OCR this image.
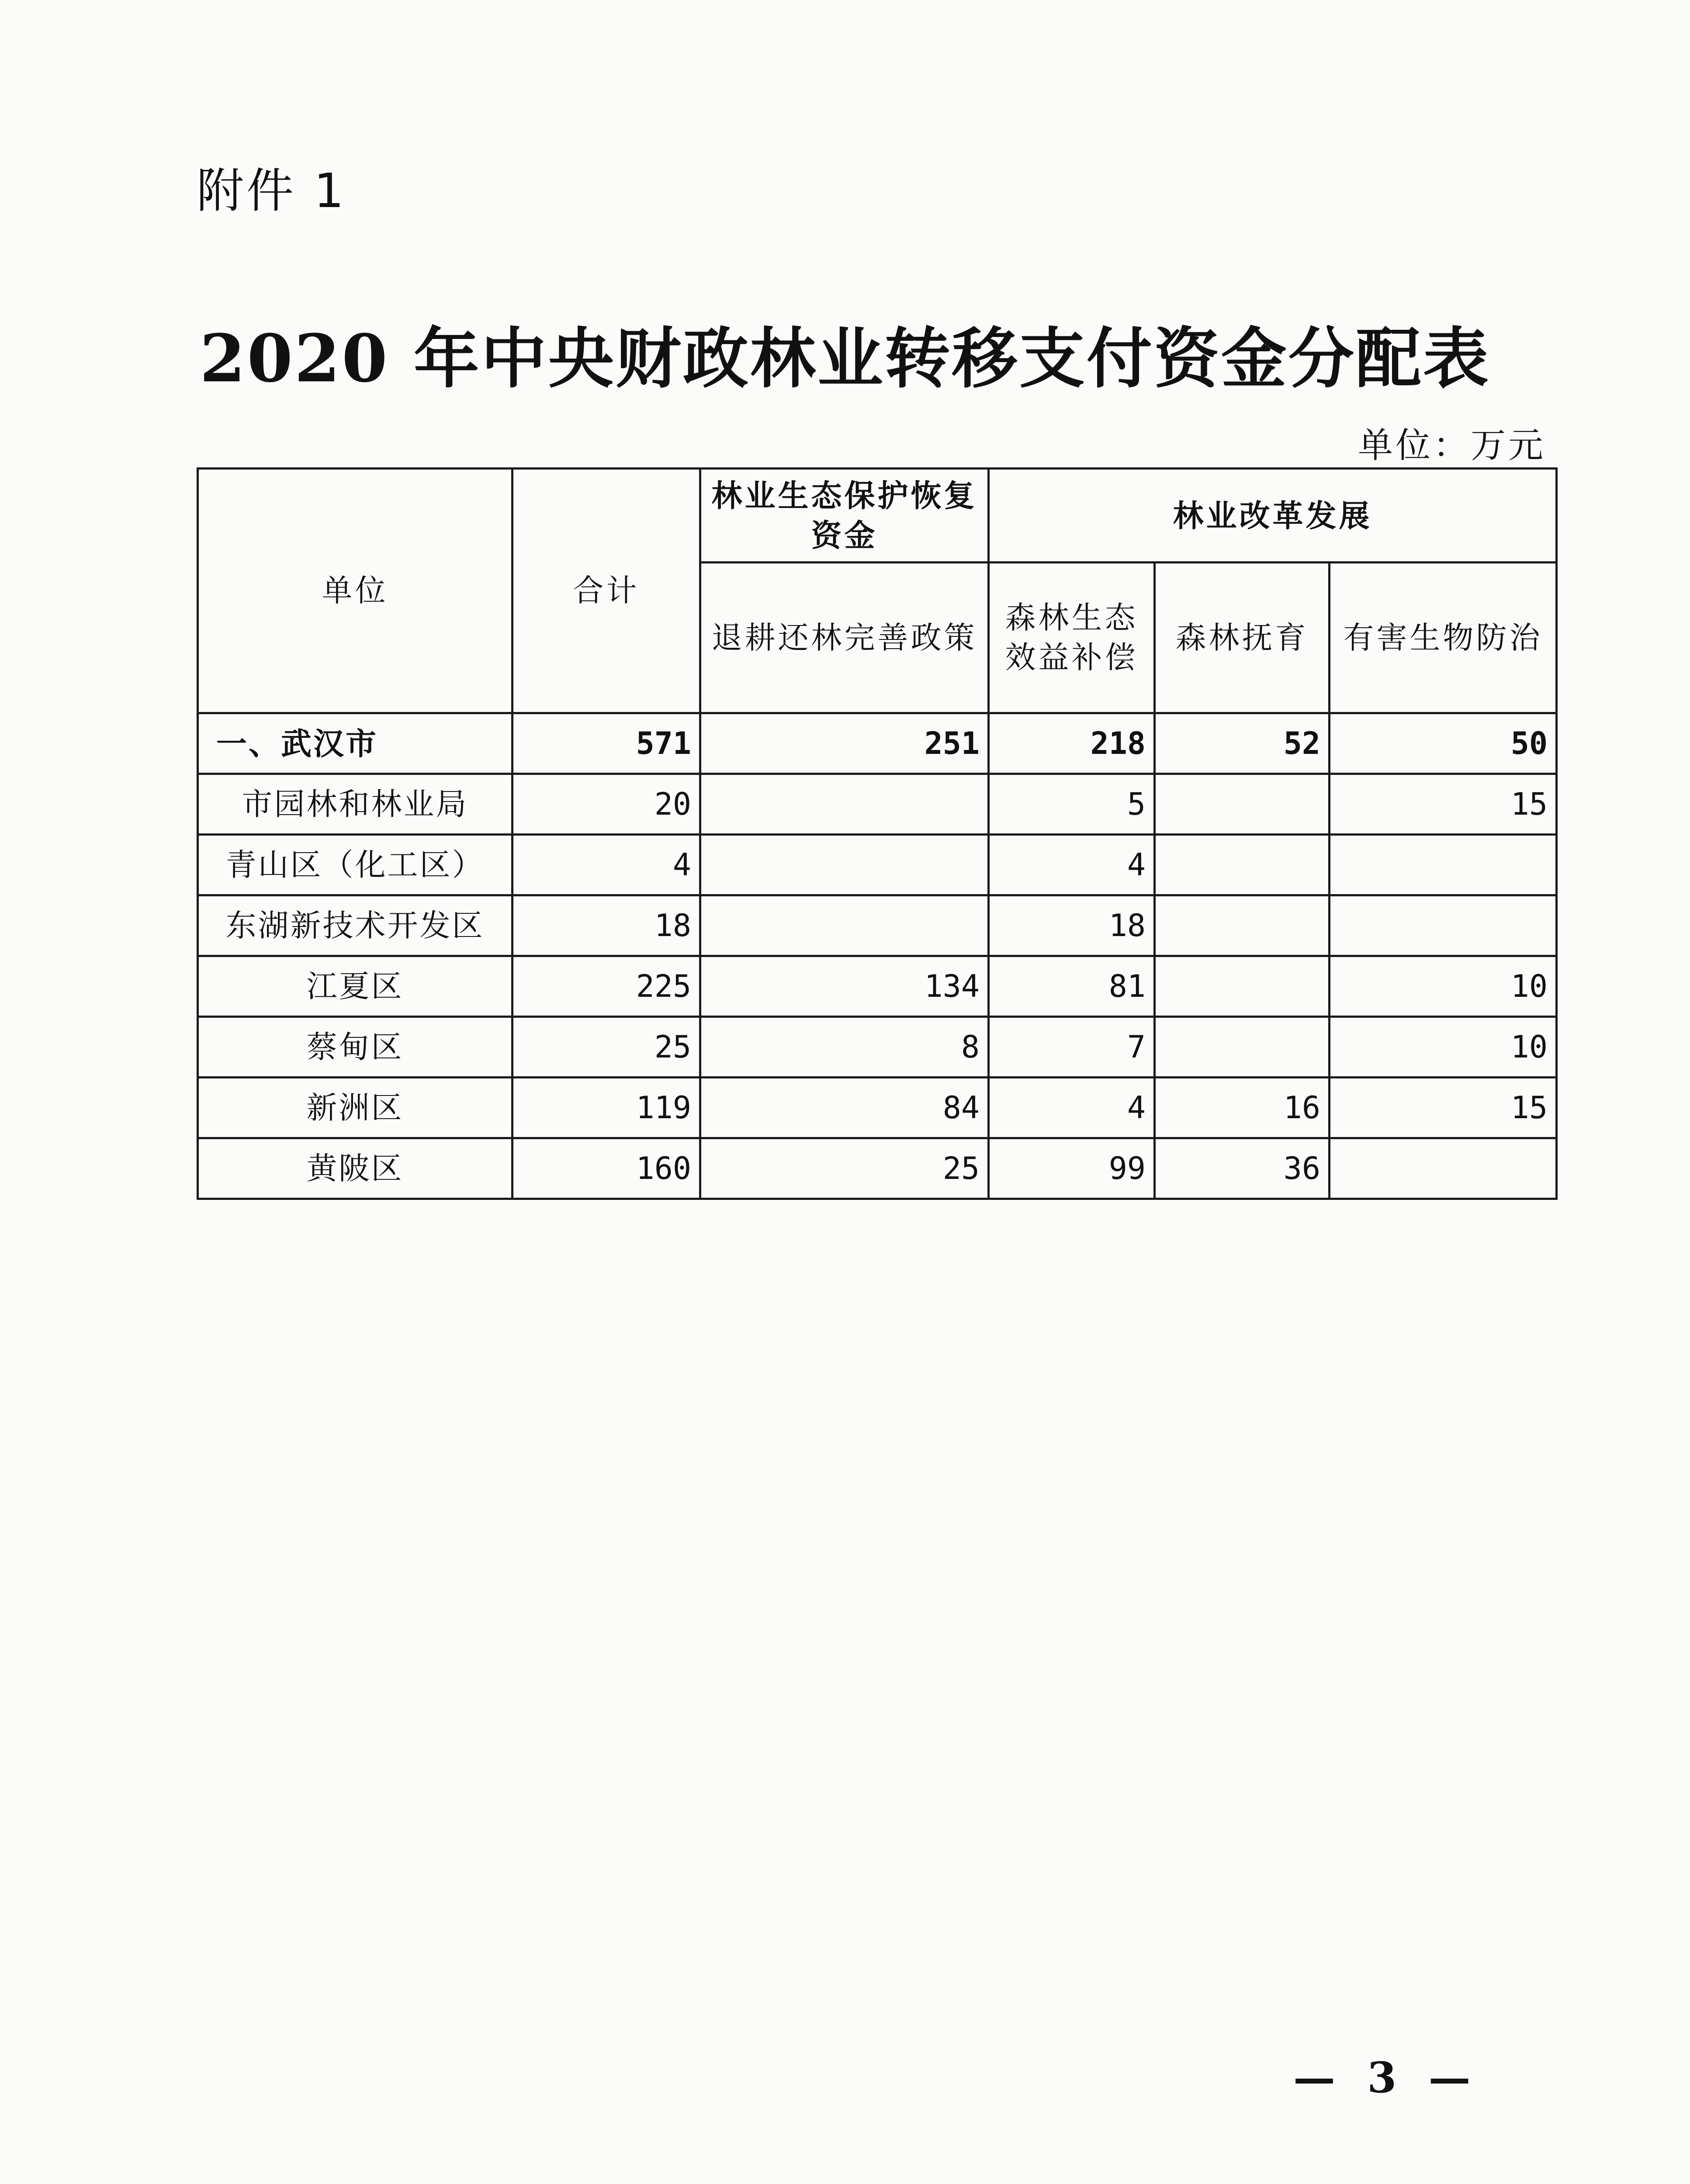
附件 1
2020 年中央财政林业转移支付资金分配表
单位：万元
单位	合计	林业生态保护恢复资金	林业改革发展		
		退耕还林完善政策	森林生态效益补偿	森林抚育	有害生物防治
一、武汉市	571	251	218	52	50
市园林和林业局	20		5		15
青山区（化工区）	4		4		
东湖新技术开发区	18		18		
江夏区	225	134	81		10
蔡甸区	25	8	7		10
新洲区	119	84	4	16	15
黄陂区	160	25	99	36	
— 3 —
